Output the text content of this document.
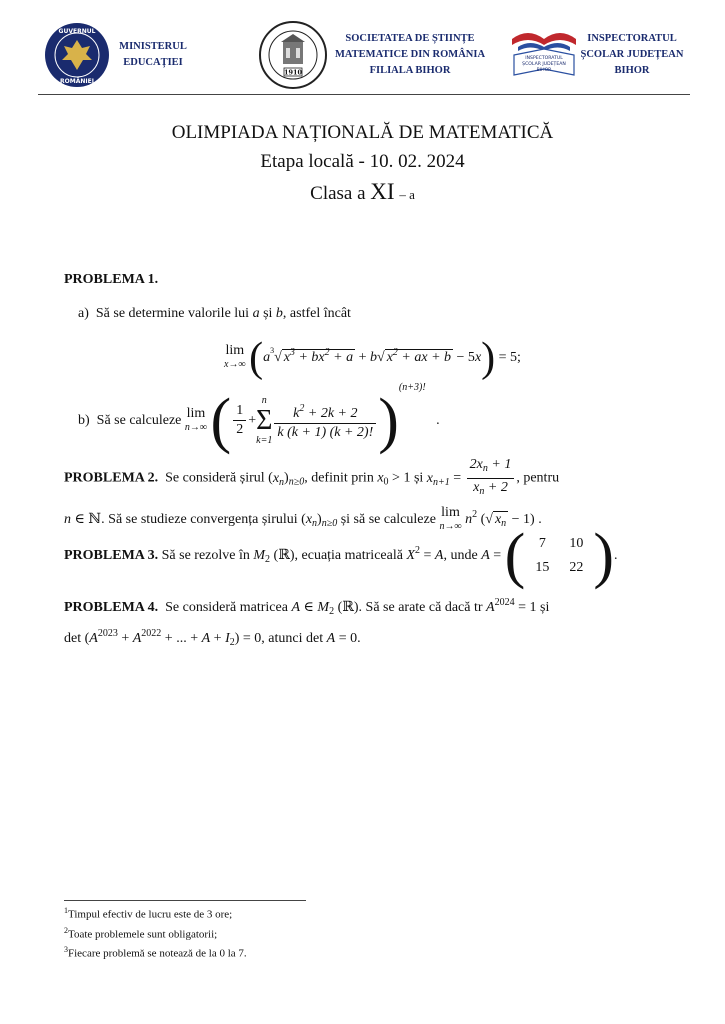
GUVERNUL
ROMÂNIEI
MINISTERUL
EDUCAȚIEI
1910
SOCIETATEA DE ȘTIINȚE
MATEMATICE DIN ROMÂNIA
FILIALA BIHOR
INSPECTORATUL
ȘCOLAR JUDEȚEAN
BIHOR
INSPECTORATUL
ȘCOLAR JUDEȚEAN
BIHOR
OLIMPIADA NAȚIONALĂ DE MATEMATICĂ
Etapa locală - 10. 02. 2024
Clasa a XI – a
PROBLEMA 1.
a) Să se determine valorile lui a și b, astfel încât
lim
x→∞ ($a^3√$ $x^3 + bx^2 + a + b√$ $x^2$ + ax + b − 5x) = 5;
b) Să se calculeze lim
n→∞ ( $\frac{1}{2}$ +
n
Σ
$k=1 \frac{k^2 + 2k + 2}{k (k + 1) (k + 2)!} )^{(n+3)!}$   .
PROBLEMA 2. Se consideră șirul $(x_n)_{n\ge 0}$, definit prin $x_0 > 1$ și $x_{n+1} = \frac{2x_n + 1}{x_n + 2}$ , pentru
n ∈ ℕ. Să se studieze convergența șirului $(x_n)_{n\ge 0}$ și să se calculeze lim
n→∞ $n^2$ (√ $x_n - 1$) .
PROBLEMA 3. Să se rezolve în $M_2$ (ℝ), ecuația matriceală $X^2 = A$, unde A = ( 7	10
15	22 ).
PROBLEMA 4. Se consideră matricea A ∈ $M_2$ (ℝ). Să se arate că dacă tr $A^{2024} = 1$ și
$\det (A^{2023} + A^{2022}$ + ... + $A + I_2) = 0$, atunci det A = 0.
$^1$Timpul efectiv de lucru este de 3 ore;
$^2$Toate problemele sunt obligatorii;
$^3$Fiecare problemă se notează de la 0 la 7.
